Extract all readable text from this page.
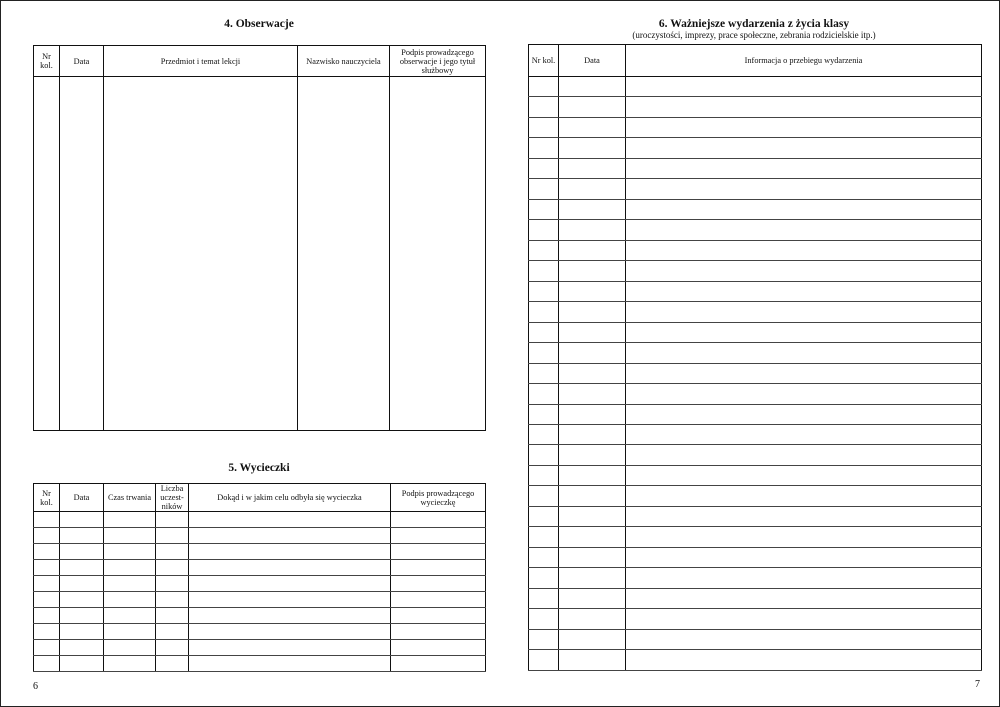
4. Obserwacje
Nr kol.	Data	Przedmiot i temat lekcji	Nazwisko nauczyciela	Podpis prowadzącego obserwacje i jego tytuł służbowy

5. Wycieczki
Nr kol.	Data	Czas trwania	Liczba uczest-ników	Dokąd i w jakim celu odbyła się wycieczka	Podpis prowadzącego wycieczkę

6
6. Ważniejsze wydarzenia z życia klasy
(uroczystości, imprezy, prace społeczne, zebrania rodzicielskie itp.)
Nr kol.	Data	Informacja o przebiegu wydarzenia

7
